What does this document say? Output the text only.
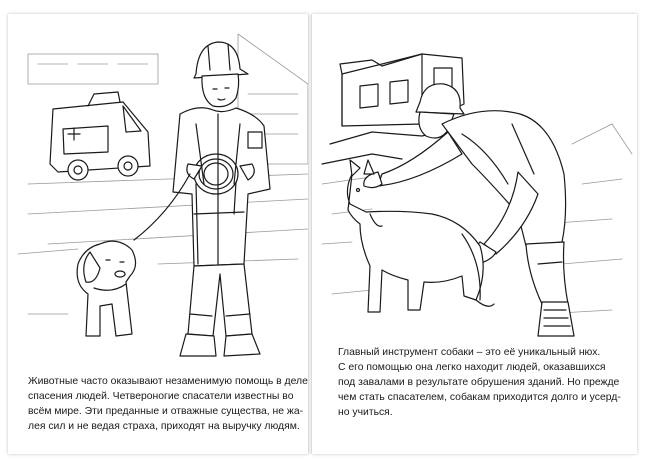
Животные часто оказывают незаменимую помощь в деле
спасения людей. Четвероногие спасатели известны во
всём мире. Эти преданные и отважные существа, не жа-
лея сил и не ведая страха, приходят на выручку людям.

Главный инструмент собаки – это её уникальный нюх.
С его помощью она легко находит людей, оказавшихся
под завалами в результате обрушения зданий. Но прежде
чем стать спасателем, собакам приходится долго и усерд-
но учиться.
